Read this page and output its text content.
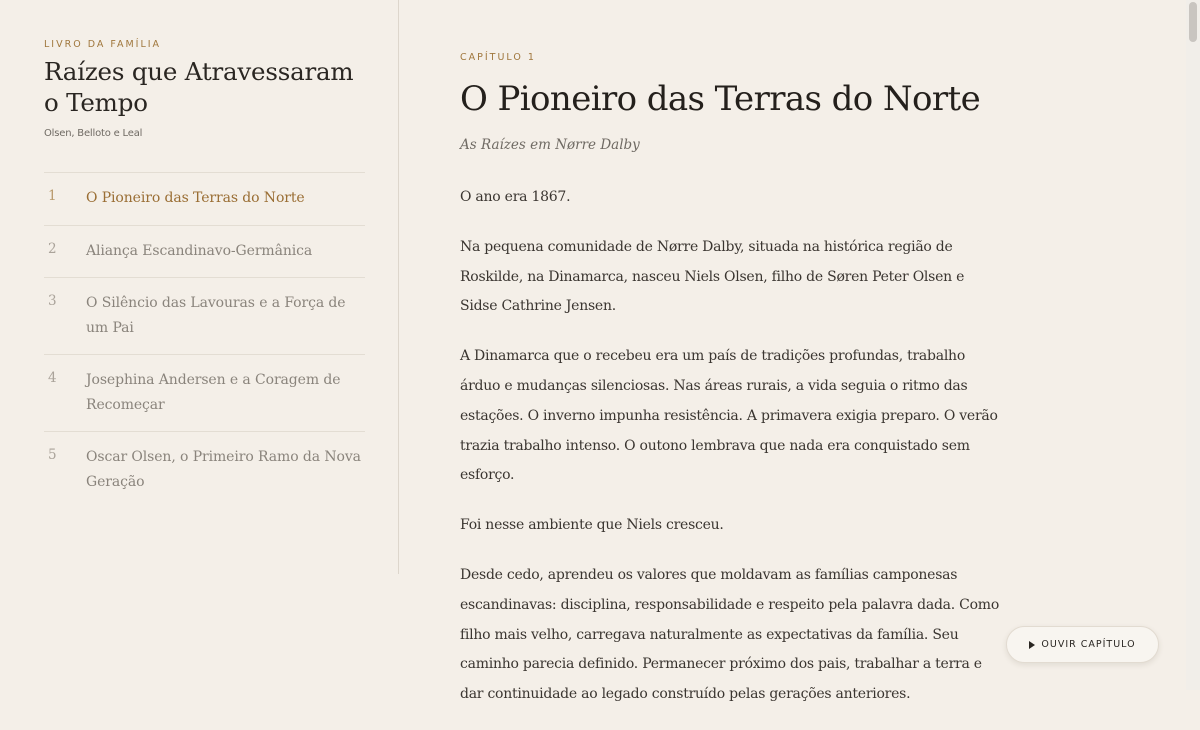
LIVRO DA FAMÍLIA
Raízes que Atravessaram o Tempo
Olsen, Belloto e Leal
1 O Pioneiro das Terras do Norte
2 Aliança Escandinavo-Germânica
3 O Silêncio das Lavouras e a Força de um Pai
4 Josephina Andersen e a Coragem de Recomeçar
5 Oscar Olsen, o Primeiro Ramo da Nova Geração
CAPÍTULO 1
O Pioneiro das Terras do Norte
As Raízes em Nørre Dalby

O ano era 1867.

Na pequena comunidade de Nørre Dalby, situada na histórica região de Roskilde, na Dinamarca, nasceu Niels Olsen, filho de Søren Peter Olsen e Sidse Cathrine Jensen.

A Dinamarca que o recebeu era um país de tradições profundas, trabalho árduo e mudanças silenciosas. Nas áreas rurais, a vida seguia o ritmo das estações. O inverno impunha resistência. A primavera exigia preparo. O verão trazia trabalho intenso. O outono lembrava que nada era conquistado sem esforço.

Foi nesse ambiente que Niels cresceu.

Desde cedo, aprendeu os valores que moldavam as famílias camponesas escandinavas: disciplina, responsabilidade e respeito pela palavra dada. Como filho mais velho, carregava naturalmente as expectativas da família. Seu caminho parecia definido. Permanecer próximo dos pais, trabalhar a terra e dar continuidade ao legado construído pelas gerações anteriores.

OUVIR CAPÍTULO
